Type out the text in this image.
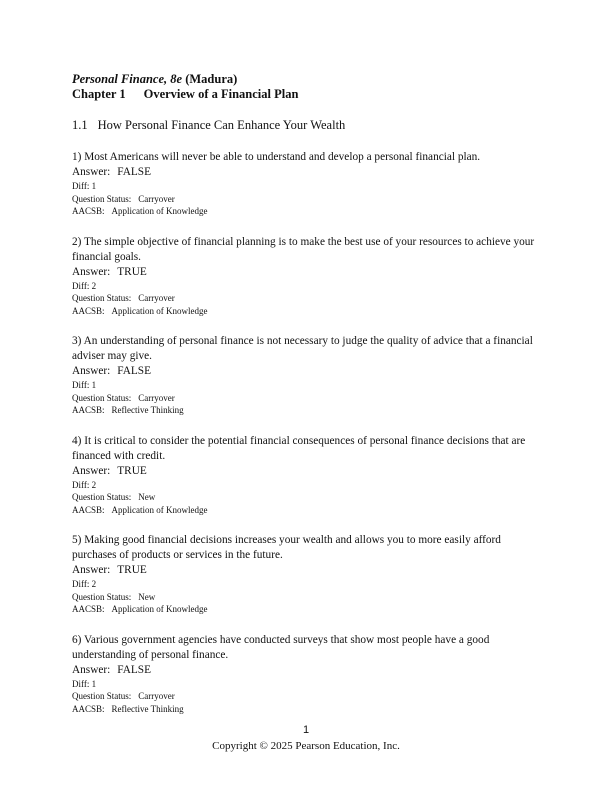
Personal Finance, 8e (Madura)
Chapter 1 Overview of a Financial Plan
1.1 How Personal Finance Can Enhance Your Wealth
1) Most Americans will never be able to understand and develop a personal financial plan.
Answer: FALSE
Diff: 1
Question Status: Carryover
AACSB: Application of Knowledge
2) The simple objective of financial planning is to make the best use of your resources to achieve your financial goals.
Answer: TRUE
Diff: 2
Question Status: Carryover
AACSB: Application of Knowledge
3) An understanding of personal finance is not necessary to judge the quality of advice that a financial adviser may give.
Answer: FALSE
Diff: 1
Question Status: Carryover
AACSB: Reflective Thinking
4) It is critical to consider the potential financial consequences of personal finance decisions that are financed with credit.
Answer: TRUE
Diff: 2
Question Status: New
AACSB: Application of Knowledge
5) Making good financial decisions increases your wealth and allows you to more easily afford purchases of products or services in the future.
Answer: TRUE
Diff: 2
Question Status: New
AACSB: Application of Knowledge
6) Various government agencies have conducted surveys that show most people have a good understanding of personal finance.
Answer: FALSE
Diff: 1
Question Status: Carryover
AACSB: Reflective Thinking
1
Copyright © 2025 Pearson Education, Inc.
